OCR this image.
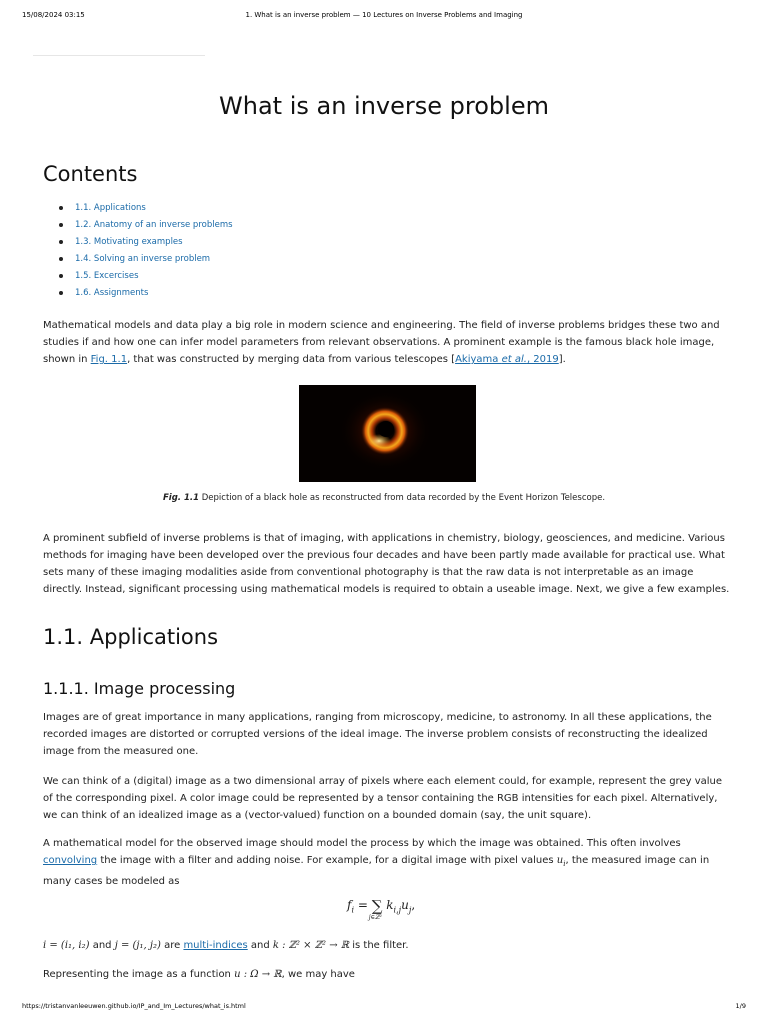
15/08/2024 03:15	1. What is an inverse problem — 10 Lectures on Inverse Problems and Imaging
What is an inverse problem
Contents
1.1. Applications
1.2. Anatomy of an inverse problems
1.3. Motivating examples
1.4. Solving an inverse problem
1.5. Excercises
1.6. Assignments

Mathematical models and data play a big role in modern science and engineering. The field of inverse problems bridges these two and studies if and how one can infer model parameters from relevant observations. A prominent example is the famous black hole image, shown in Fig. 1.1, that was constructed by merging data from various telescopes [Akiyama et al., 2019].

Fig. 1.1 Depiction of a black hole as reconstructed from data recorded by the Event Horizon Telescope.

A prominent subfield of inverse problems is that of imaging, with applications in chemistry, biology, geosciences, and medicine. Various methods for imaging have been developed over the previous four decades and have been partly made available for practical use. What sets many of these imaging modalities aside from conventional photography is that the raw data is not interpretable as an image directly. Instead, significant processing using mathematical models is required to obtain a useable image. Next, we give a few examples.

1.1. Applications
1.1.1. Image processing

Images are of great importance in many applications, ranging from microscopy, medicine, to astronomy. In all these applications, the recorded images are distorted or corrupted versions of the ideal image. The inverse problem consists of reconstructing the idealized image from the measured one.

We can think of a (digital) image as a two dimensional array of pixels where each element could, for example, represent the grey value of the corresponding pixel. A color image could be represented by a tensor containing the RGB intensities for each pixel. Alternatively, we can think of an idealized image as a (vector-valued) function on a bounded domain (say, the unit square).

A mathematical model for the observed image should model the process by which the image was obtained. This often involves convolving the image with a filter and adding noise. For example, for a digital image with pixel values $u_i$, the measured image can in many cases be modeled as

$f_i$ = ∑
j∈ℤ²
$k_{i,j}u_j$,

i = (i₁, i₂) and j = (j₁, j₂) are multi-indices and k : ℤ² × ℤ² → ℝ is the filter.

Representing the image as a function u : Ω → ℝ, we may have

https://tristanvanleeuwen.github.io/IP_and_Im_Lectures/what_is.html	1/9
